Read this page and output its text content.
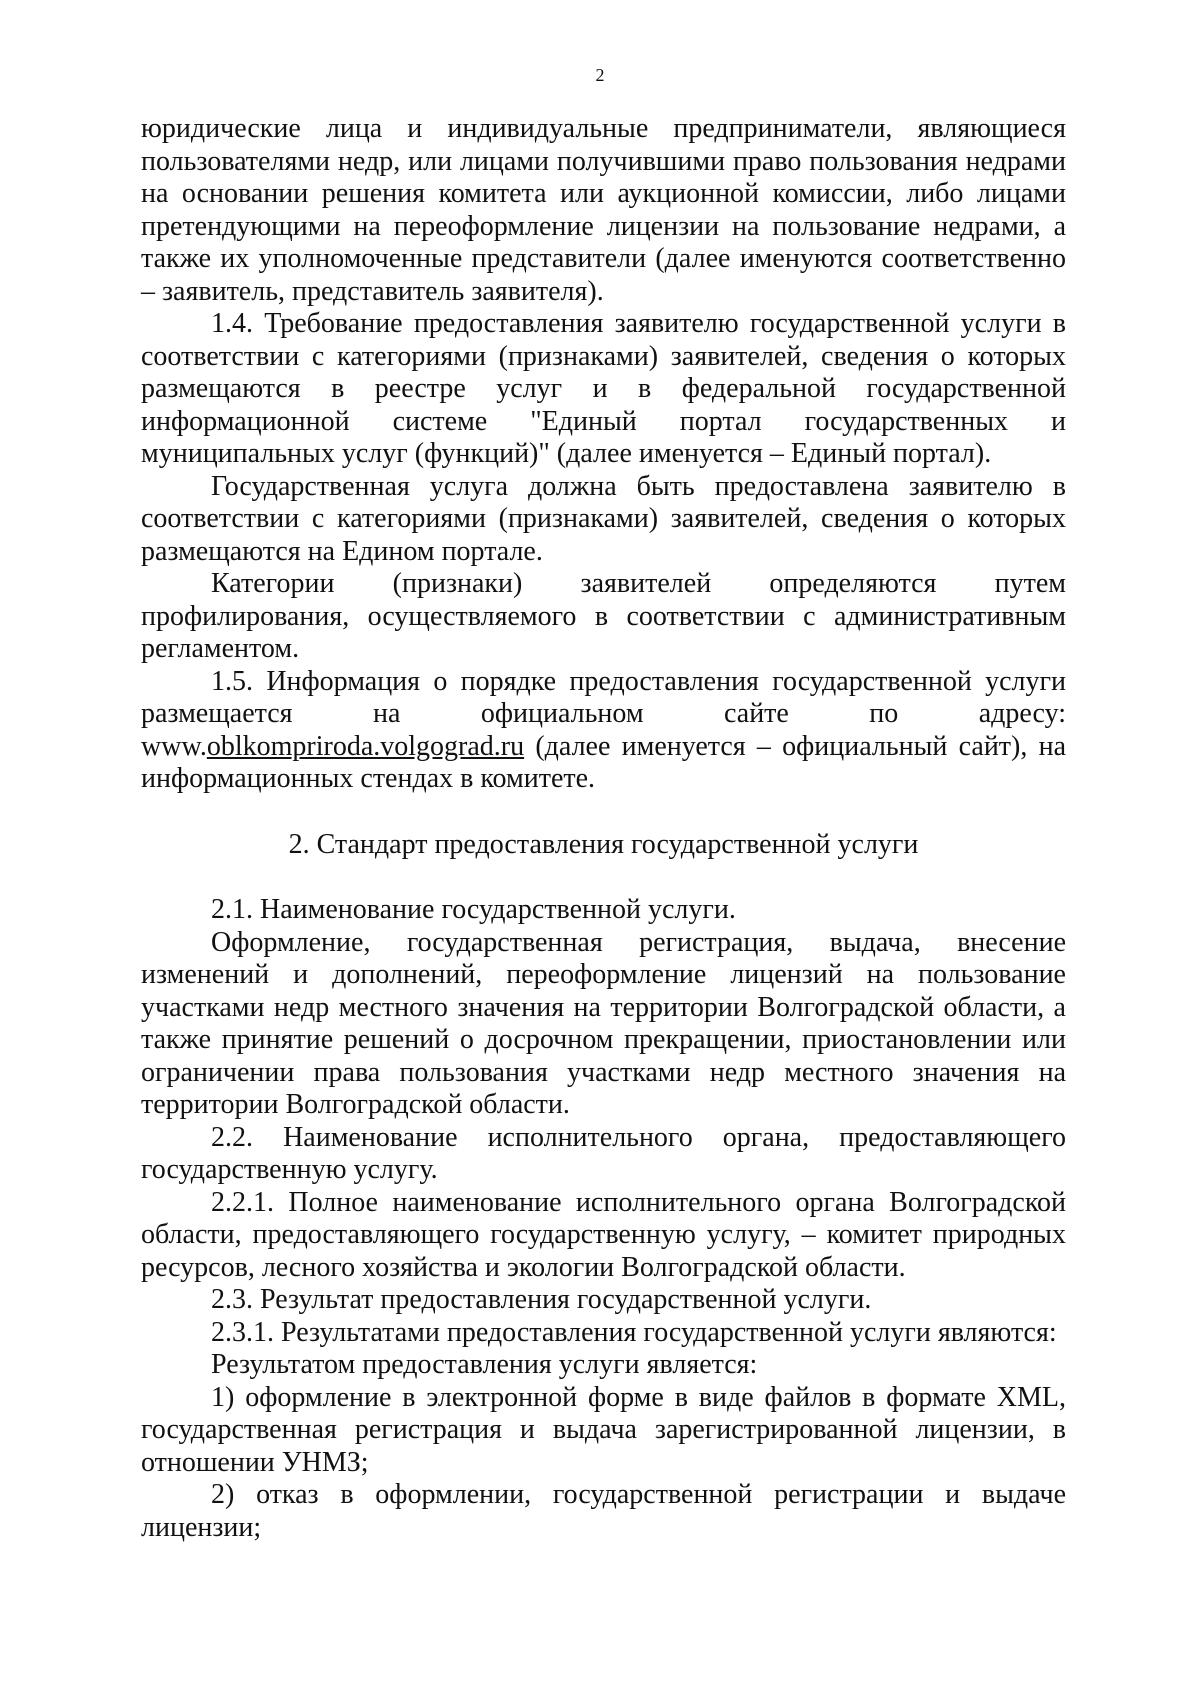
2

юридические лица и индивидуальные предприниматели, являющиеся пользователями недр, или лицами получившими право пользования недрами на основании решения комитета или аукционной комиссии, либо лицами претендующими на переоформление лицензии на пользование недрами, а также их уполномоченные представители (далее именуются соответственно – заявитель, представитель заявителя).

1.4. Требование предоставления заявителю государственной услуги в соответствии с категориями (признаками) заявителей, сведения о которых размещаются в реестре услуг и в федеральной государственной информационной системе "Единый портал государственных и муниципальных услуг (функций)" (далее именуется – Единый портал).

Государственная услуга должна быть предоставлена заявителю в соответствии с категориями (признаками) заявителей, сведения о которых размещаются на Едином портале.

Категории (признаки) заявителей определяются путем профилирования, осуществляемого в соответствии с административным регламентом.

1.5. Информация о порядке предоставления государственной услуги размещается на официальном сайте по адресу: www.oblkompriroda.volgograd.ru (далее именуется – официальный сайт), на информационных стендах в комитете.

2. Стандарт предоставления государственной услуги

2.1. Наименование государственной услуги.

Оформление, государственная регистрация, выдача, внесение изменений и дополнений, переоформление лицензий на пользование участками недр местного значения на территории Волгоградской области, а также принятие решений о досрочном прекращении, приостановлении или ограничении права пользования участками недр местного значения на территории Волгоградской области.

2.2. Наименование исполнительного органа, предоставляющего государственную услугу.

2.2.1. Полное наименование исполнительного органа Волгоградской области, предоставляющего государственную услугу, – комитет природных ресурсов, лесного хозяйства и экологии Волгоградской области.

2.3. Результат предоставления государственной услуги.

2.3.1. Результатами предоставления государственной услуги являются:

Результатом предоставления услуги является:

1) оформление в электронной форме в виде файлов в формате XML, государственная регистрация и выдача зарегистрированной лицензии, в отношении УНМЗ;

2) отказ в оформлении, государственной регистрации и выдаче лицензии;
